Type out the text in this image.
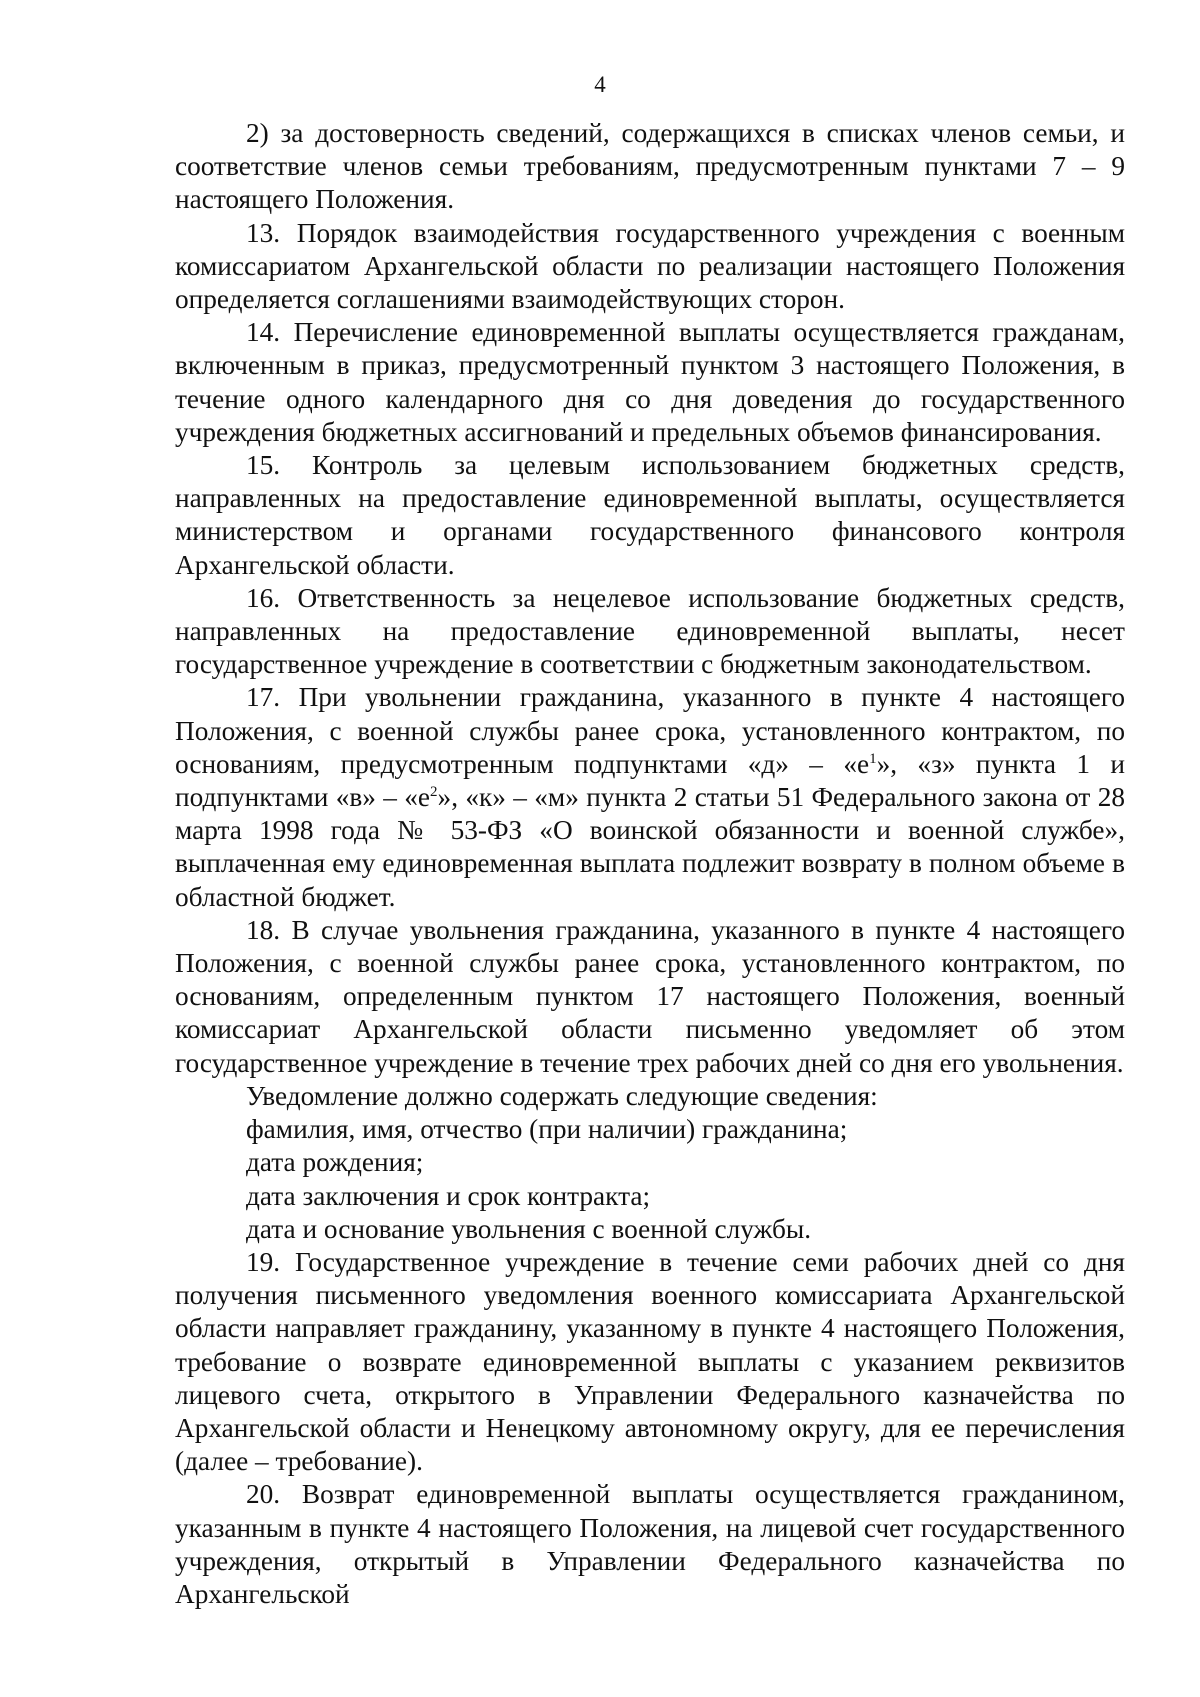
4

2) за достоверность сведений, содержащихся в списках членов семьи, и соответствие членов семьи требованиям, предусмотренным пунктами 7 – 9 настоящего Положения.

13. Порядок взаимодействия государственного учреждения с военным комиссариатом Архангельской области по реализации настоящего Положения определяется соглашениями взаимодействующих сторон.

14. Перечисление единовременной выплаты осуществляется гражданам, включенным в приказ, предусмотренный пунктом 3 настоящего Положения, в течение одного календарного дня со дня доведения до государственного учреждения бюджетных ассигнований и предельных объемов финансирования.

15. Контроль за целевым использованием бюджетных средств, направленных на предоставление единовременной выплаты, осуществляется министерством и органами государственного финансового контроля Архангельской области.

16. Ответственность за нецелевое использование бюджетных средств, направленных на предоставление единовременной выплаты, несет государственное учреждение в соответствии с бюджетным законодательством.

17. При увольнении гражданина, указанного в пункте 4 настоящего Положения, с военной службы ранее срока, установленного контрактом, по основаниям, предусмотренным подпунктами «д» – «$е^1$», «з» пункта 1 и подпунктами «в» – «$е^2$», «к» – «м» пункта 2 статьи 51 Федерального закона от 28 марта 1998 года № 53-ФЗ «О воинской обязанности и военной службе», выплаченная ему единовременная выплата подлежит возврату в полном объеме в областной бюджет.

18. В случае увольнения гражданина, указанного в пункте 4 настоящего Положения, с военной службы ранее срока, установленного контрактом, по основаниям, определенным пунктом 17 настоящего Положения, военный комиссариат Архангельской области письменно уведомляет об этом государственное учреждение в течение трех рабочих дней со дня его увольнения.

Уведомление должно содержать следующие сведения:

фамилия, имя, отчество (при наличии) гражданина;

дата рождения;

дата заключения и срок контракта;

дата и основание увольнения с военной службы.

19. Государственное учреждение в течение семи рабочих дней со дня получения письменного уведомления военного комиссариата Архангельской области направляет гражданину, указанному в пункте 4 настоящего Положения, требование о возврате единовременной выплаты с указанием реквизитов лицевого счета, открытого в Управлении Федерального казначейства по Архангельской области и Ненецкому автономному округу, для ее перечисления (далее – требование).

20. Возврат единовременной выплаты осуществляется гражданином, указанным в пункте 4 настоящего Положения, на лицевой счет государственного учреждения, открытый в Управлении Федерального казначейства по Архангельской
